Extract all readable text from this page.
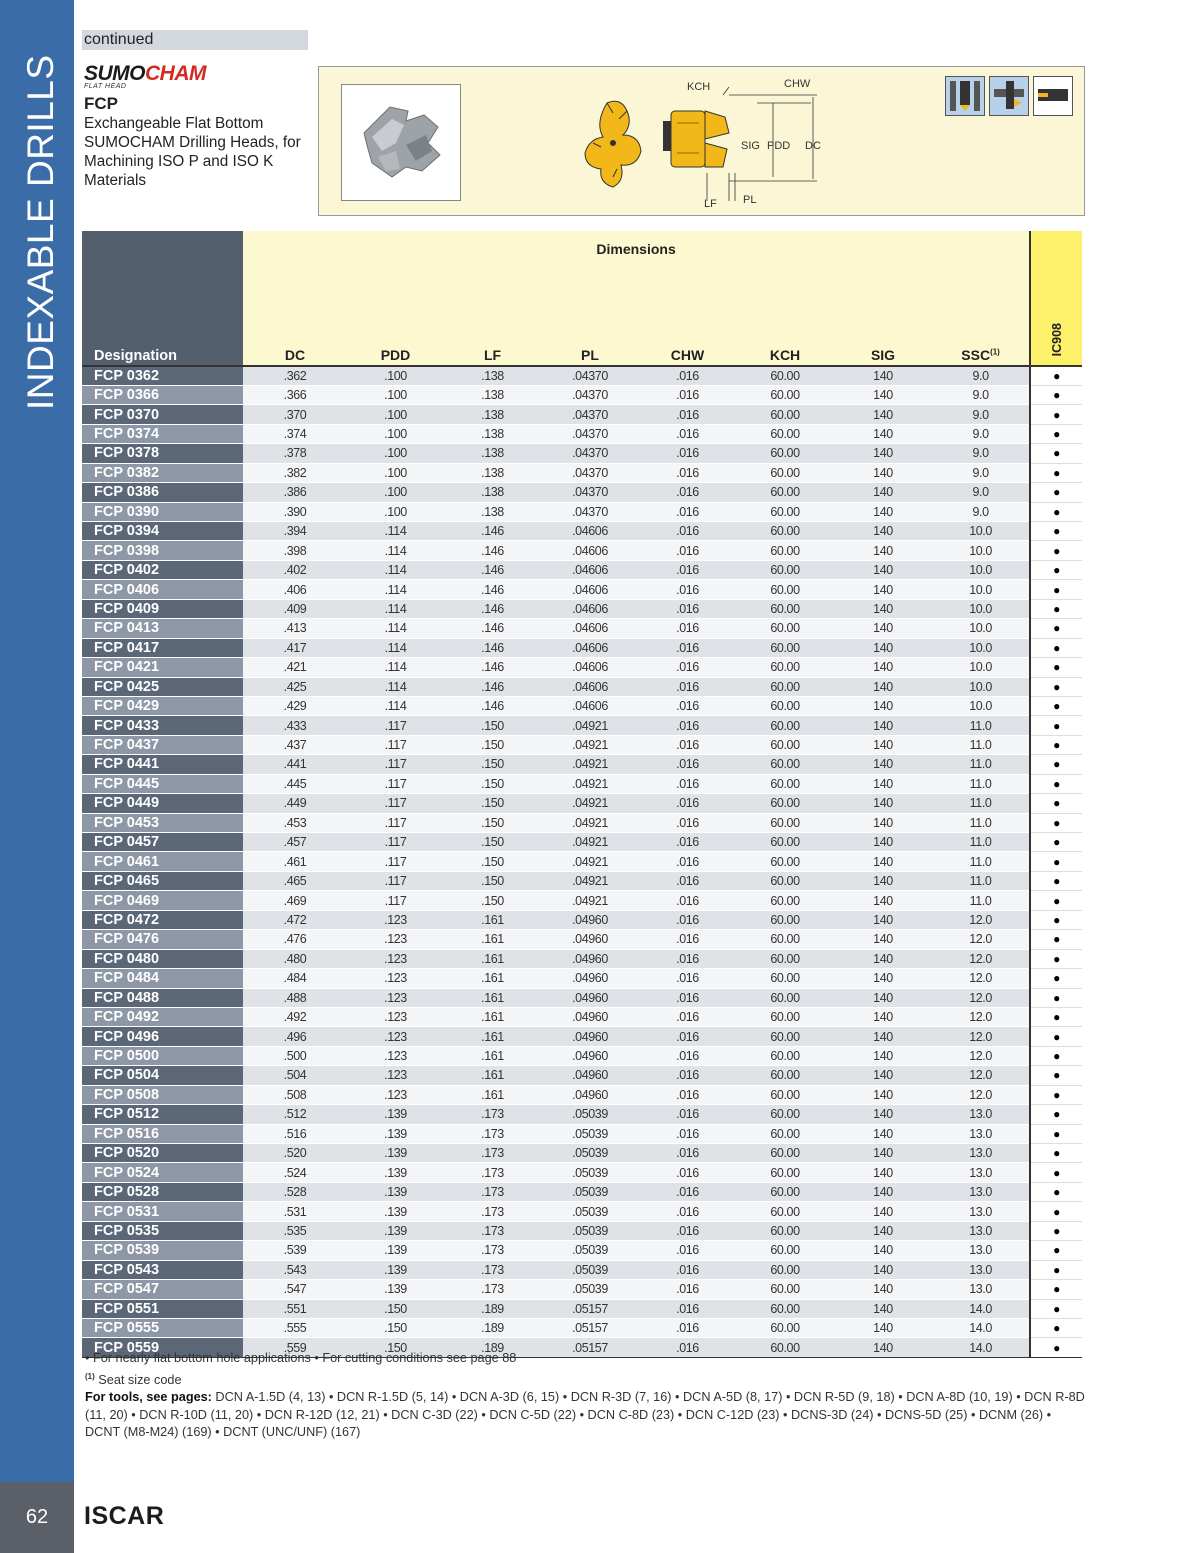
INDEXABLE DRILLS
62	ISCAR
continued
SUMOCHAM
FLAT HEAD
FCP
Exchangeable Flat Bottom SUMOCHAM Drilling Heads, for Machining ISO P and ISO K Materials
KCH	CHW
SIG PDD DC
LF PL
Designation	Dimensions								IC908
	DC	PDD	LF	PL	CHW	KCH	SIG	SSC$^{(1)}$
FCP 0362	.362	.100	.138	.04370	.016	60.00	140	9.0	●
FCP 0366	.366	.100	.138	.04370	.016	60.00	140	9.0	●
FCP 0370	.370	.100	.138	.04370	.016	60.00	140	9.0	●
FCP 0374	.374	.100	.138	.04370	.016	60.00	140	9.0	●
FCP 0378	.378	.100	.138	.04370	.016	60.00	140	9.0	●
FCP 0382	.382	.100	.138	.04370	.016	60.00	140	9.0	●
FCP 0386	.386	.100	.138	.04370	.016	60.00	140	9.0	●
FCP 0390	.390	.100	.138	.04370	.016	60.00	140	9.0	●
FCP 0394	.394	.114	.146	.04606	.016	60.00	140	10.0	●
FCP 0398	.398	.114	.146	.04606	.016	60.00	140	10.0	●
FCP 0402	.402	.114	.146	.04606	.016	60.00	140	10.0	●
FCP 0406	.406	.114	.146	.04606	.016	60.00	140	10.0	●
FCP 0409	.409	.114	.146	.04606	.016	60.00	140	10.0	●
FCP 0413	.413	.114	.146	.04606	.016	60.00	140	10.0	●
FCP 0417	.417	.114	.146	.04606	.016	60.00	140	10.0	●
FCP 0421	.421	.114	.146	.04606	.016	60.00	140	10.0	●
FCP 0425	.425	.114	.146	.04606	.016	60.00	140	10.0	●
FCP 0429	.429	.114	.146	.04606	.016	60.00	140	10.0	●
FCP 0433	.433	.117	.150	.04921	.016	60.00	140	11.0	●
FCP 0437	.437	.117	.150	.04921	.016	60.00	140	11.0	●
FCP 0441	.441	.117	.150	.04921	.016	60.00	140	11.0	●
FCP 0445	.445	.117	.150	.04921	.016	60.00	140	11.0	●
FCP 0449	.449	.117	.150	.04921	.016	60.00	140	11.0	●
FCP 0453	.453	.117	.150	.04921	.016	60.00	140	11.0	●
FCP 0457	.457	.117	.150	.04921	.016	60.00	140	11.0	●
FCP 0461	.461	.117	.150	.04921	.016	60.00	140	11.0	●
FCP 0465	.465	.117	.150	.04921	.016	60.00	140	11.0	●
FCP 0469	.469	.117	.150	.04921	.016	60.00	140	11.0	●
FCP 0472	.472	.123	.161	.04960	.016	60.00	140	12.0	●
FCP 0476	.476	.123	.161	.04960	.016	60.00	140	12.0	●
FCP 0480	.480	.123	.161	.04960	.016	60.00	140	12.0	●
FCP 0484	.484	.123	.161	.04960	.016	60.00	140	12.0	●
FCP 0488	.488	.123	.161	.04960	.016	60.00	140	12.0	●
FCP 0492	.492	.123	.161	.04960	.016	60.00	140	12.0	●
FCP 0496	.496	.123	.161	.04960	.016	60.00	140	12.0	●
FCP 0500	.500	.123	.161	.04960	.016	60.00	140	12.0	●
FCP 0504	.504	.123	.161	.04960	.016	60.00	140	12.0	●
FCP 0508	.508	.123	.161	.04960	.016	60.00	140	12.0	●
FCP 0512	.512	.139	.173	.05039	.016	60.00	140	13.0	●
FCP 0516	.516	.139	.173	.05039	.016	60.00	140	13.0	●
FCP 0520	.520	.139	.173	.05039	.016	60.00	140	13.0	●
FCP 0524	.524	.139	.173	.05039	.016	60.00	140	13.0	●
FCP 0528	.528	.139	.173	.05039	.016	60.00	140	13.0	●
FCP 0531	.531	.139	.173	.05039	.016	60.00	140	13.0	●
FCP 0535	.535	.139	.173	.05039	.016	60.00	140	13.0	●
FCP 0539	.539	.139	.173	.05039	.016	60.00	140	13.0	●
FCP 0543	.543	.139	.173	.05039	.016	60.00	140	13.0	●
FCP 0547	.547	.139	.173	.05039	.016	60.00	140	13.0	●
FCP 0551	.551	.150	.189	.05157	.016	60.00	140	14.0	●
FCP 0555	.555	.150	.189	.05157	.016	60.00	140	14.0	●
FCP 0559	.559	.150	.189	.05157	.016	60.00	140	14.0	●
• For nearly flat bottom hole applications • For cutting conditions see page 88
$^{(1)}$ Seat size code
For tools, see pages: DCN A-1.5D (4, 13) • DCN R-1.5D (5, 14) • DCN A-3D (6, 15) • DCN R-3D (7, 16) • DCN A-5D (8, 17) • DCN R-5D (9, 18) • DCN A-8D (10, 19) • DCN R-8D (11, 20) • DCN R-10D (11, 20) • DCN R-12D (12, 21) • DCN C-3D (22) • DCN C-5D (22) • DCN C-8D (23) • DCN C-12D (23) • DCNS-3D (24) • DCNS-5D (25) • DCNM (26) • DCNT (M8-M24) (169) • DCNT (UNC/UNF) (167)
